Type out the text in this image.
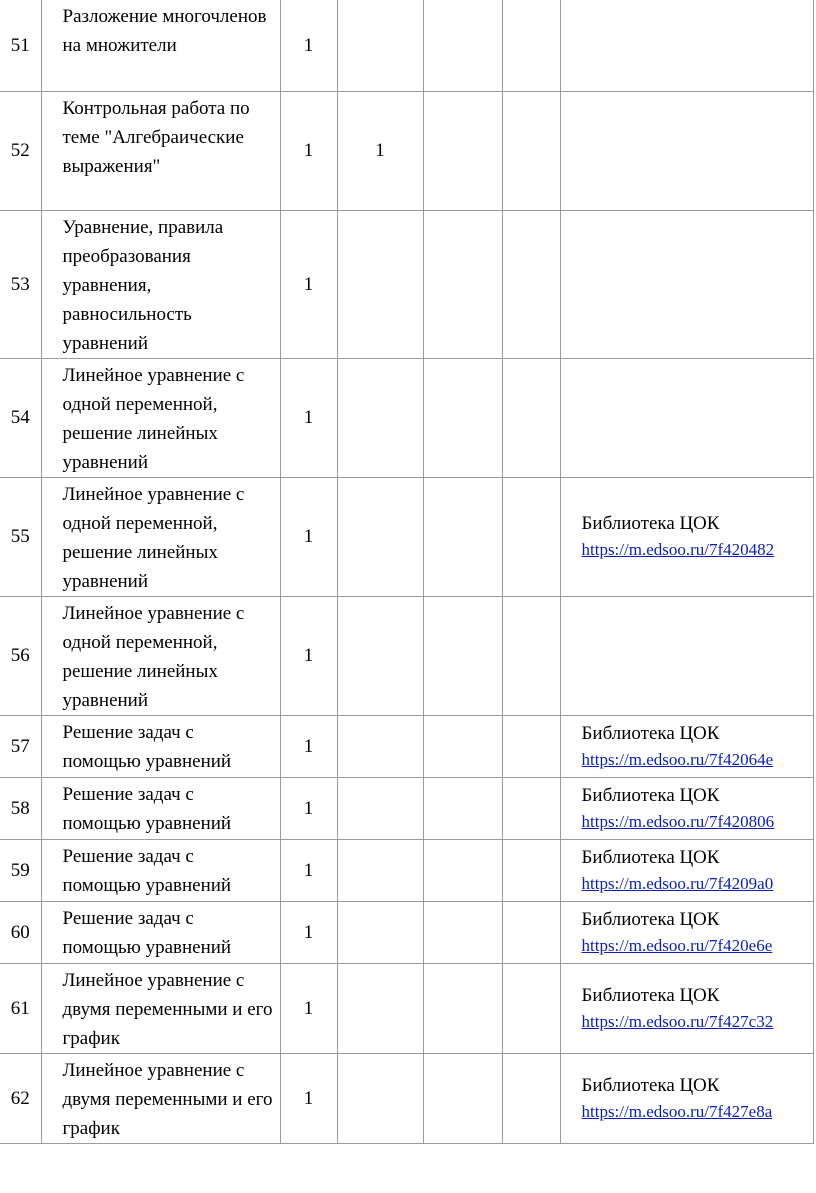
51	Разложение многочленов на множители	1				
52	Контрольная работа по теме "Алгебраические выражения"	1	1			
53	Уравнение, правила преобразования уравнения, равносильность уравнений	1				
54	Линейное уравнение с одной переменной, решение линейных уравнений	1				
55	Линейное уравнение с одной переменной, решение линейных уравнений	1				Библиотека ЦОК
https://m.edsoo.ru/7f420482

56	Линейное уравнение с одной переменной, решение линейных уравнений	1				
57	Решение задач с помощью уравнений	1				Библиотека ЦОК
https://m.edsoo.ru/7f42064e

58	Решение задач с помощью уравнений	1				Библиотека ЦОК
https://m.edsoo.ru/7f420806

59	Решение задач с помощью уравнений	1				Библиотека ЦОК
https://m.edsoo.ru/7f4209a0

60	Решение задач с помощью уравнений	1				Библиотека ЦОК
https://m.edsoo.ru/7f420e6e

61	Линейное уравнение с двумя переменными и его график	1				Библиотека ЦОК
https://m.edsoo.ru/7f427c32

62	Линейное уравнение с двумя переменными и его график	1				Библиотека ЦОК
https://m.edsoo.ru/7f427e8a
